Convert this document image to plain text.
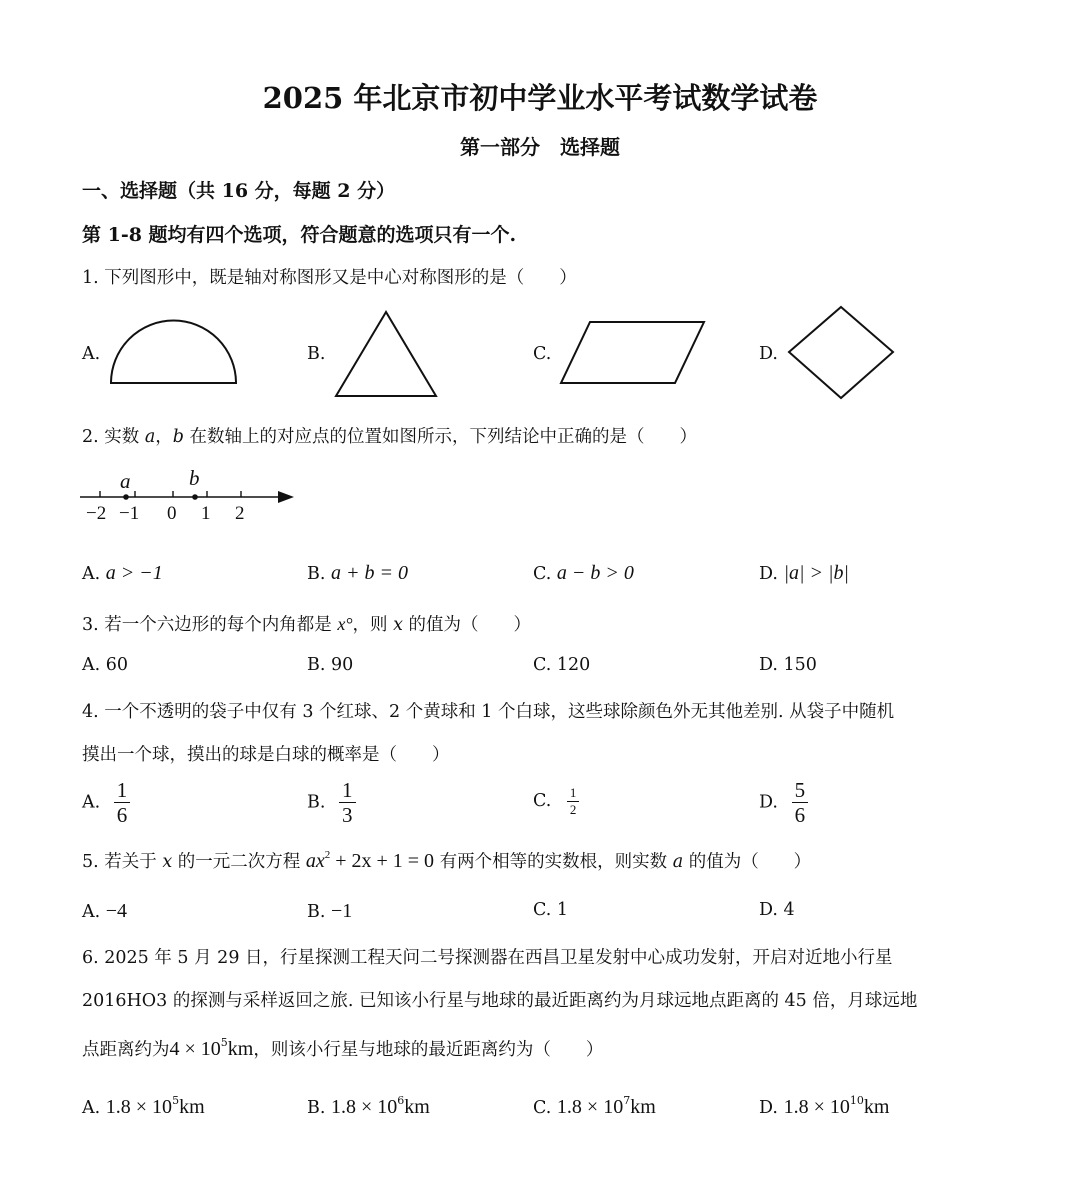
2025 年北京市初中学业水平考试数学试卷
第一部分　选择题
一、选择题（共 16 分，每题 2 分）
第 1-8 题均有四个选项，符合题意的选项只有一个.
1. 下列图形中，既是轴对称图形又是中心对称图形的是（　　）
A.	B.	C.	D.
2. 实数 a，b 在数轴上的对应点的位置如图所示，下列结论中正确的是（　　）
a	b
−2 −1 0 1 2
A. a > −1	B. a + b = 0	C. a − b > 0	D. |a| > |b|
3. 若一个六边形的每个内角都是 x°，则 x 的值为（　　）
A. 60	B. 90	C. 120	D. 150
4. 一个不透明的袋子中仅有 3 个红球、2 个黄球和 1 个白球，这些球除颜色外无其他差别. 从袋子中随机
摸出一个球，摸出的球是白球的概率是（　　）
A. $\frac{1}{6}$	B. $\frac{1}{3}$	C. $\frac{1}{2}$	D. $\frac{5}{6}$
5. 若关于 x 的一元二次方程 $ax^2 + 2x + 1 = 0$ 有两个相等的实数根，则实数 a 的值为（　　）
A. −4	B. −1	C. 1	D. 4
6. 2025 年 5 月 29 日，行星探测工程天问二号探测器在西昌卫星发射中心成功发射，开启对近地小行星
2016HO3 的探测与采样返回之旅. 已知该小行星与地球的最近距离约为月球远地点距离的 45 倍，月球远地
点距离约为$4 \times 10^5km$，则该小行星与地球的最近距离约为（　　）
A. $1.8 \times 10^5km$	B. $1.8 \times 10^6km$	C. $1.8 \times 10^7km$	D. $1.8 \times 10^{10}km$
